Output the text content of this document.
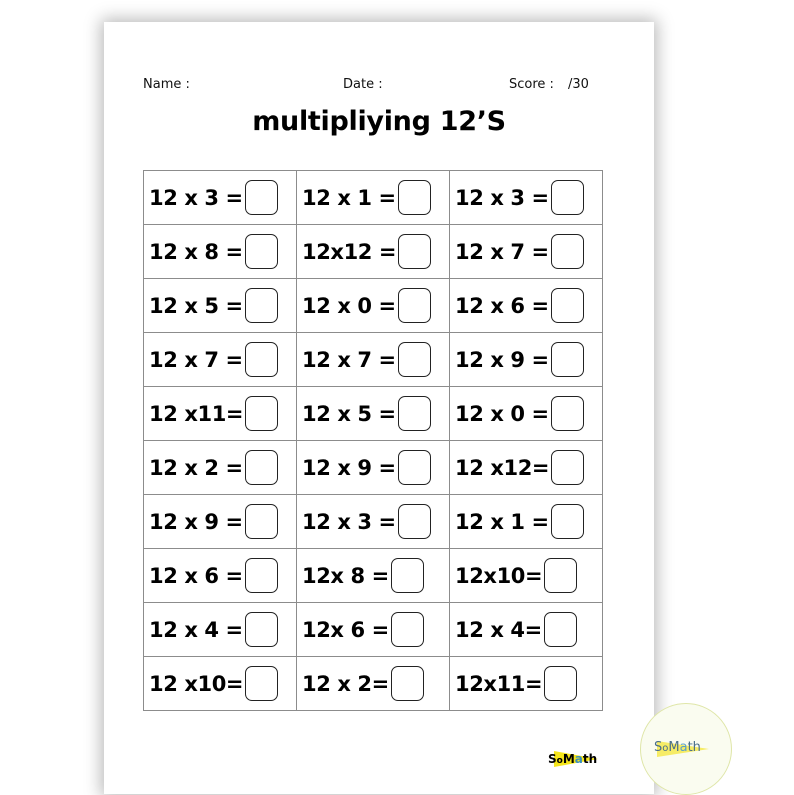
Name :	Date :	Score : /30
multipliying 12’S
12 x 3 =	12 x 1 =	12 x 3 =
12 x 8 =	12x12 =	12 x 7 =
12 x 5 =	12 x 0 =	12 x 6 =
12 x 7 =	12 x 7 =	12 x 9 =
12 x11=	12 x 5 =	12 x 0 =
12 x 2 =	12 x 9 =	12 x12=
12 x 9 =	12 x 3 =	12 x 1 =
12 x 6 =	12x 8 =	12x10=
12 x 4 =	12x 6 =	12 x 4=
12 x10=	12 x 2=	12x11=
SoMath
SoMath
